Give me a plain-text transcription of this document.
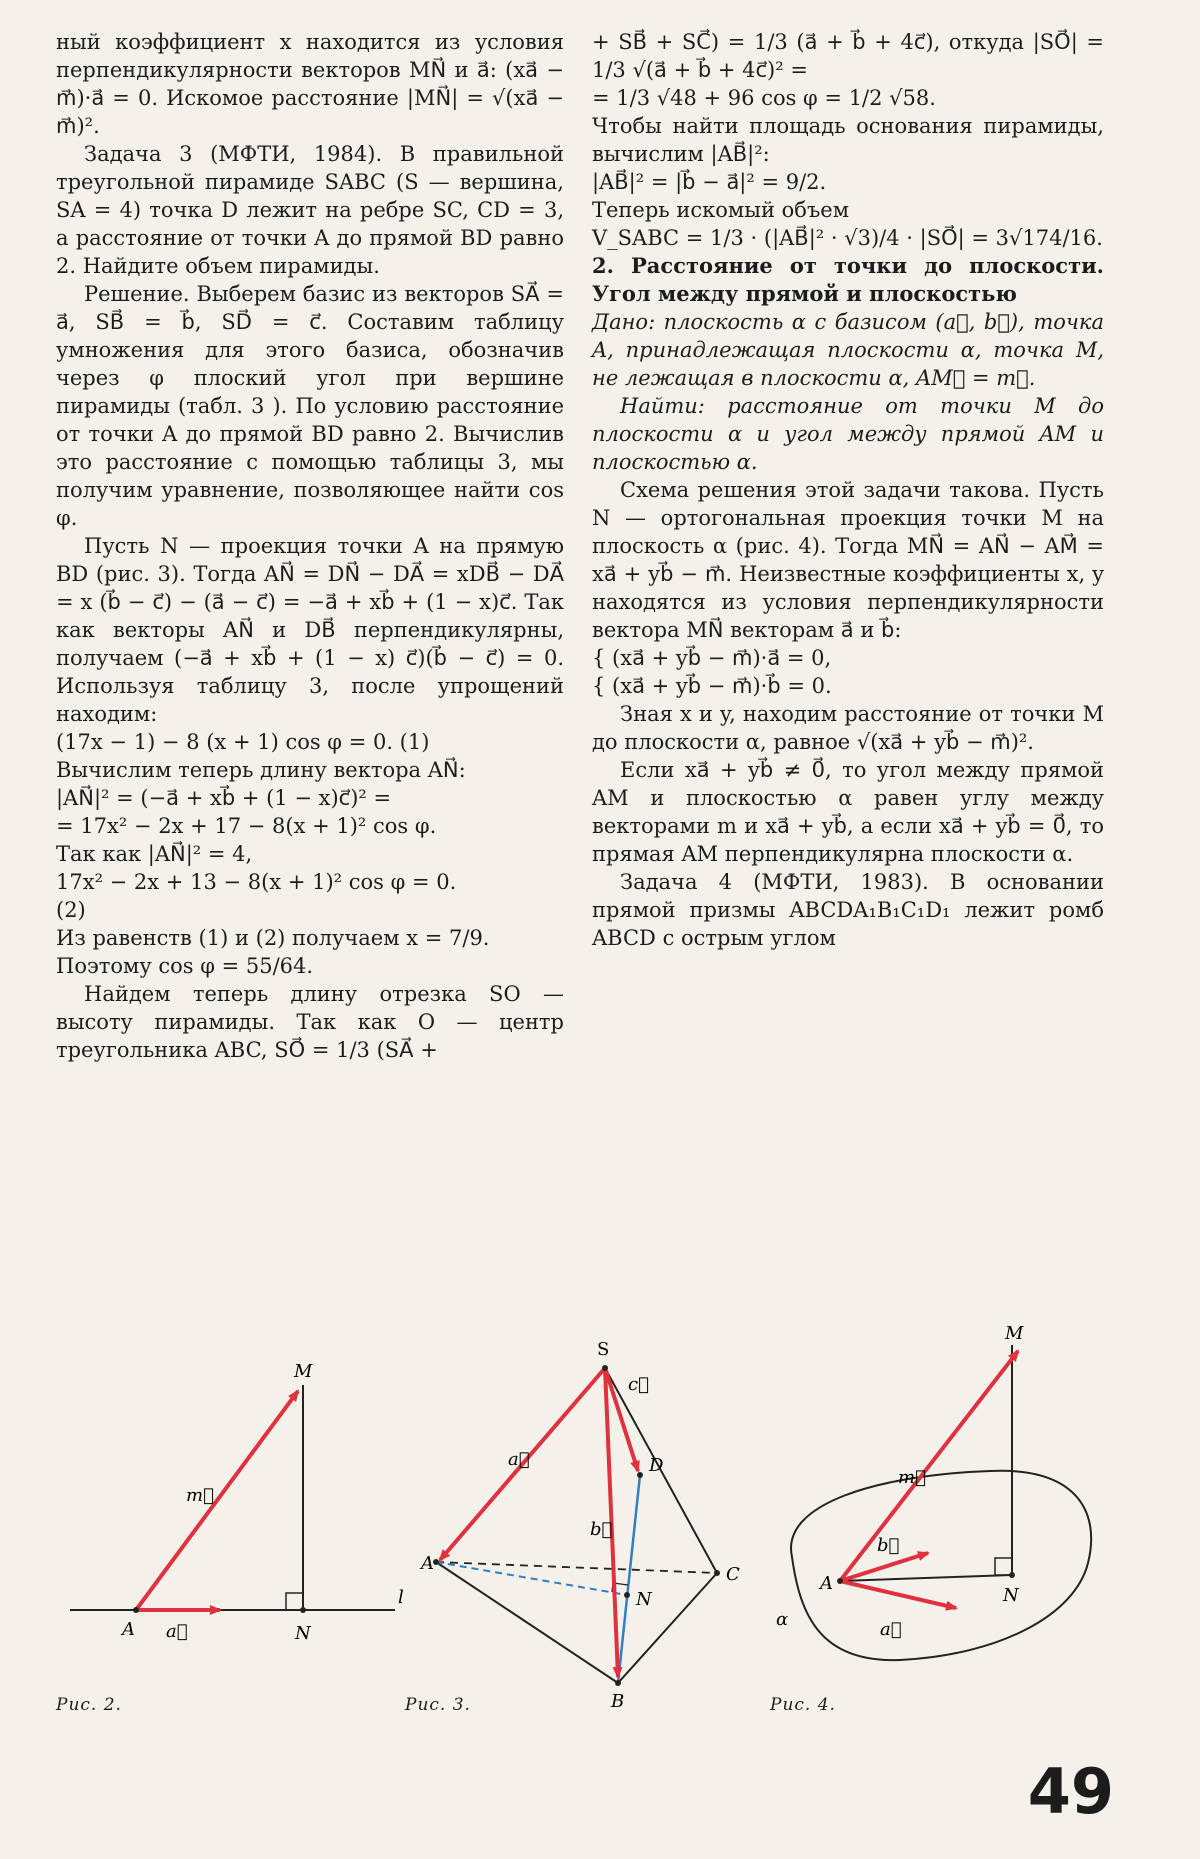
ный коэффициент x находится из условия перпендикулярности векторов MN⃗ и a⃗: (xa⃗ − m⃗)·a⃗ = 0. Искомое расстояние |MN⃗| = √(xa⃗ − m⃗)².

Задача 3 (МФТИ, 1984). В правильной треугольной пирамиде SABC (S — вершина, SA = 4) точка D лежит на ребре SC, CD = 3, а расстояние от точки A до прямой BD равно 2. Найдите объем пирамиды.

Решение. Выберем базис из векторов SA⃗ = a⃗, SB⃗ = b⃗, SD⃗ = c⃗. Составим таблицу умножения для этого базиса, обозначив через φ плоский угол при вершине пирамиды (табл. 3 ). По условию расстояние от точки A до прямой BD равно 2. Вычислив это расстояние с помощью таблицы 3, мы получим уравнение, позволяющее найти cos φ.

Пусть N — проекция точки A на прямую BD (рис. 3). Тогда AN⃗ = DN⃗ − DA⃗ = xDB⃗ − DA⃗ = x (b⃗ − c⃗) − (a⃗ − c⃗) = −a⃗ + xb⃗ + (1 − x)c⃗. Так как векторы AN⃗ и DB⃗ перпендикулярны, получаем (−a⃗ + xb⃗ + (1 − x) c⃗)(b⃗ − c⃗) = 0. Используя таблицу 3, после упрощений находим:

(17x − 1) − 8 (x + 1) cos φ = 0. (1)

Вычислим теперь длину вектора AN⃗:

|AN⃗|² = (−a⃗ + xb⃗ + (1 − x)c⃗)² =

= 17x² − 2x + 17 − 8(x + 1)² cos φ.

Так как |AN⃗|² = 4,

17x² − 2x + 13 − 8(x + 1)² cos φ = 0.

(2)

Из равенств (1) и (2) получаем x = 7/9.

Поэтому cos φ = 55/64.

Найдем теперь длину отрезка SO — высоту пирамиды. Так как O — центр треугольника ABC, SO⃗ = 1/3 (SA⃗ +

+ SB⃗ + SC⃗) = 1/3 (a⃗ + b⃗ + 4c⃗), откуда |SO⃗| = 1/3 √(a⃗ + b⃗ + 4c⃗)² =

= 1/3 √48 + 96 cos φ = 1/2 √58.

Чтобы найти площадь основания пирамиды, вычислим |AB⃗|²:

|AB⃗|² = |b⃗ − a⃗|² = 9/2.

Теперь искомый объем

V_SABC = 1/3 · (|AB⃗|² · √3)/4 · |SO⃗| = 3√174/16.

2. Расстояние от точки до плоскости. Угол между прямой и плоскостью

Дано: плоскость α с базисом (a⃗, b⃗), точка A, принадлежащая плоскости α, точка M, не лежащая в плоскости α, AM⃗ = m⃗.

Найти: расстояние от точки M до плоскости α и угол между прямой AM и плоскостью α.

Схема решения этой задачи такова. Пусть N — ортогональная проекция точки M на плоскость α (рис. 4). Тогда MN⃗ = AN⃗ − AM⃗ = xa⃗ + yb⃗ − m⃗. Неизвестные коэффициенты x, y находятся из условия перпендикулярности вектора MN⃗ векторам a⃗ и b⃗:

{ (xa⃗ + yb⃗ − m⃗)·a⃗ = 0,

{ (xa⃗ + yb⃗ − m⃗)·b⃗ = 0.

Зная x и y, находим расстояние от точки M до плоскости α, равное √(xa⃗ + yb⃗ − m⃗)².

Если xa⃗ + yb⃗ ≠ 0⃗, то угол между прямой AM и плоскостью α равен углу между векторами m и xa⃗ + yb⃗, а если xa⃗ + yb⃗ = 0⃗, то прямая AM перпендикулярна плоскости α.

Задача 4 (МФТИ, 1983). В основании прямой призмы ABCDA₁B₁C₁D₁ лежит ромб ABCD с острым углом

M
m⃗
A a⃗	N
l
S
c⃗
D
a⃗
b⃗
A
C
N
B
M
m⃗
b⃗
A
N
a⃗
α
Рис. 2.	Рис. 3.	Рис. 4.
49
